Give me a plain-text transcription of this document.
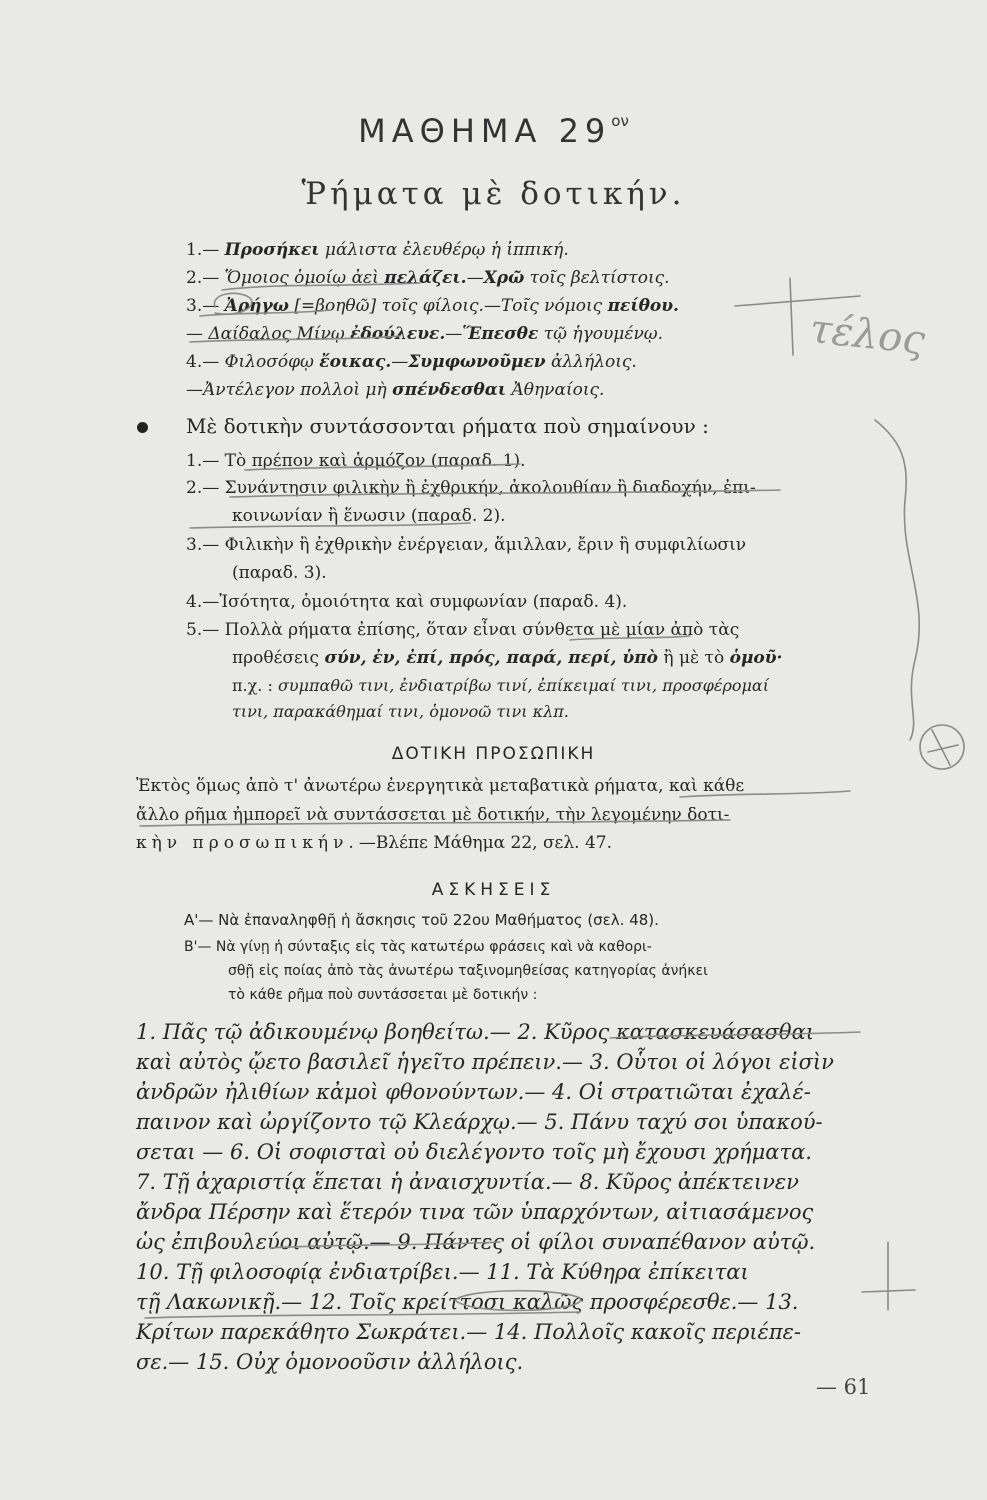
ΜΑΘΗΜΑ $29^{o\nu}$
Ῥήματα μὲ δοτικήν.
1.— Προσήκει μάλιστα ἐλευθέρῳ ἡ ἱππική.
2.— Ὅμοιος ὁμοίῳ ἀεὶ πελάζει.—Χρῶ τοῖς βελτίστοις.
3.— Ἀρήγω [=βοηθῶ] τοῖς φίλοις.—Τοῖς νόμοις πείθου.
— Δαίδαλος Μίνῳ ἐδούλευε.—Ἕπεσθε τῷ ἡγουμένῳ.
4.— Φιλοσόφῳ ἔοικας.—Συμφωνοῦμεν ἀλλήλοις.
—Ἀντέλεγον πολλοὶ μὴ σπένδεσθαι Ἀθηναίοις.
Μὲ δοτικὴν συντάσσονται ρήματα ποὺ σημαίνουν :
1.— Τὸ πρέπον καὶ ἁρμόζον (παραδ. 1).
2.— Συνάντησιν φιλικὴν ἢ ἐχθρικήν, ἀκολουθίαν ἢ διαδοχήν, ἐπι-
κοινωνίαν ἢ ἕνωσιν (παραδ. 2).
3.— Φιλικὴν ἢ ἐχθρικὴν ἐνέργειαν, ἅμιλλαν, ἔριν ἢ συμφιλίωσιν
(παραδ. 3).
4.—Ἰσότητα, ὁμοιότητα καὶ συμφωνίαν (παραδ. 4).
5.— Πολλὰ ρήματα ἐπίσης, ὅταν εἶναι σύνθετα μὲ μίαν ἀπὸ τὰς
προθέσεις σύν, ἐν, ἐπί, πρός, παρά, περί, ὑπὸ ἢ μὲ τὸ ὁμοῦ·
π.χ. : συμπαθῶ τινι, ἐνδιατρίβω τινί, ἐπίκειμαί τινι, προσφέρομαί
τινι, παρακάθημαί τινι, ὁμονοῶ τινι κλπ.
ΔΟΤΙΚΗ ΠΡΟΣΩΠΙΚΗ
Ἐκτὸς ὅμως ἀπὸ τ' ἀνωτέρω ἐνεργητικὰ μεταβατικὰ ρήματα, καὶ κάθε
ἄλλο ρῆμα ἠμπορεῖ νὰ συντάσσεται μὲ δοτικήν, τὴν λεγομένην δοτι-
κὴν προσωπικήν.—Βλέπε Μάθημα 22, σελ. 47.
ΑΣΚΗΣΕΙΣ
Α'— Νὰ ἐπαναληφθῇ ἡ ἄσκησις τοῦ 22ου Μαθήματος (σελ. 48).
Β'— Νὰ γίνῃ ἡ σύνταξις εἰς τὰς κατωτέρω φράσεις καὶ νὰ καθορι-
σθῇ εἰς ποίας ἀπὸ τὰς ἀνωτέρω ταξινομηθείσας κατηγορίας ἀνήκει
τὸ κάθε ρῆμα ποὺ συντάσσεται μὲ δοτικήν :
1. Πᾶς τῷ ἀδικουμένῳ βοηθείτω.— 2. Κῦρος κατασκευάσασθαι
καὶ αὐτὸς ᾤετο βασιλεῖ ἡγεῖτο πρέπειν.— 3. Οὗτοι οἱ λόγοι εἰσὶν
ἀνδρῶν ἠλιθίων κἀμοὶ φθονούντων.— 4. Οἱ στρατιῶται ἐχαλέ-
παινον καὶ ὠργίζοντο τῷ Κλεάρχῳ.— 5. Πάνυ ταχύ σοι ὑπακού-
σεται — 6. Οἱ σοφισταὶ οὐ διελέγοντο τοῖς μὴ ἔχουσι χρήματα.
7. Τῇ ἀχαριστίᾳ ἕπεται ἡ ἀναισχυντία.— 8. Κῦρος ἀπέκτεινεν
ἄνδρα Πέρσην καὶ ἕτερόν τινα τῶν ὑπαρχόντων, αἰτιασάμενος
ὡς ἐπιβουλεύοι αὐτῷ.— 9. Πάντες οἱ φίλοι συναπέθανον αὐτῷ.
10. Τῇ φιλοσοφίᾳ ἐνδιατρίβει.— 11. Τὰ Κύθηρα ἐπίκειται
τῇ Λακωνικῇ.— 12. Τοῖς κρείττοσι καλῶς προσφέρεσθε.— 13.
Κρίτων παρεκάθητο Σωκράτει.— 14. Πολλοῖς κακοῖς περιέπε-
σε.— 15. Οὐχ ὁμονοοῦσιν ἀλλήλοις.
— 61
τέλος
